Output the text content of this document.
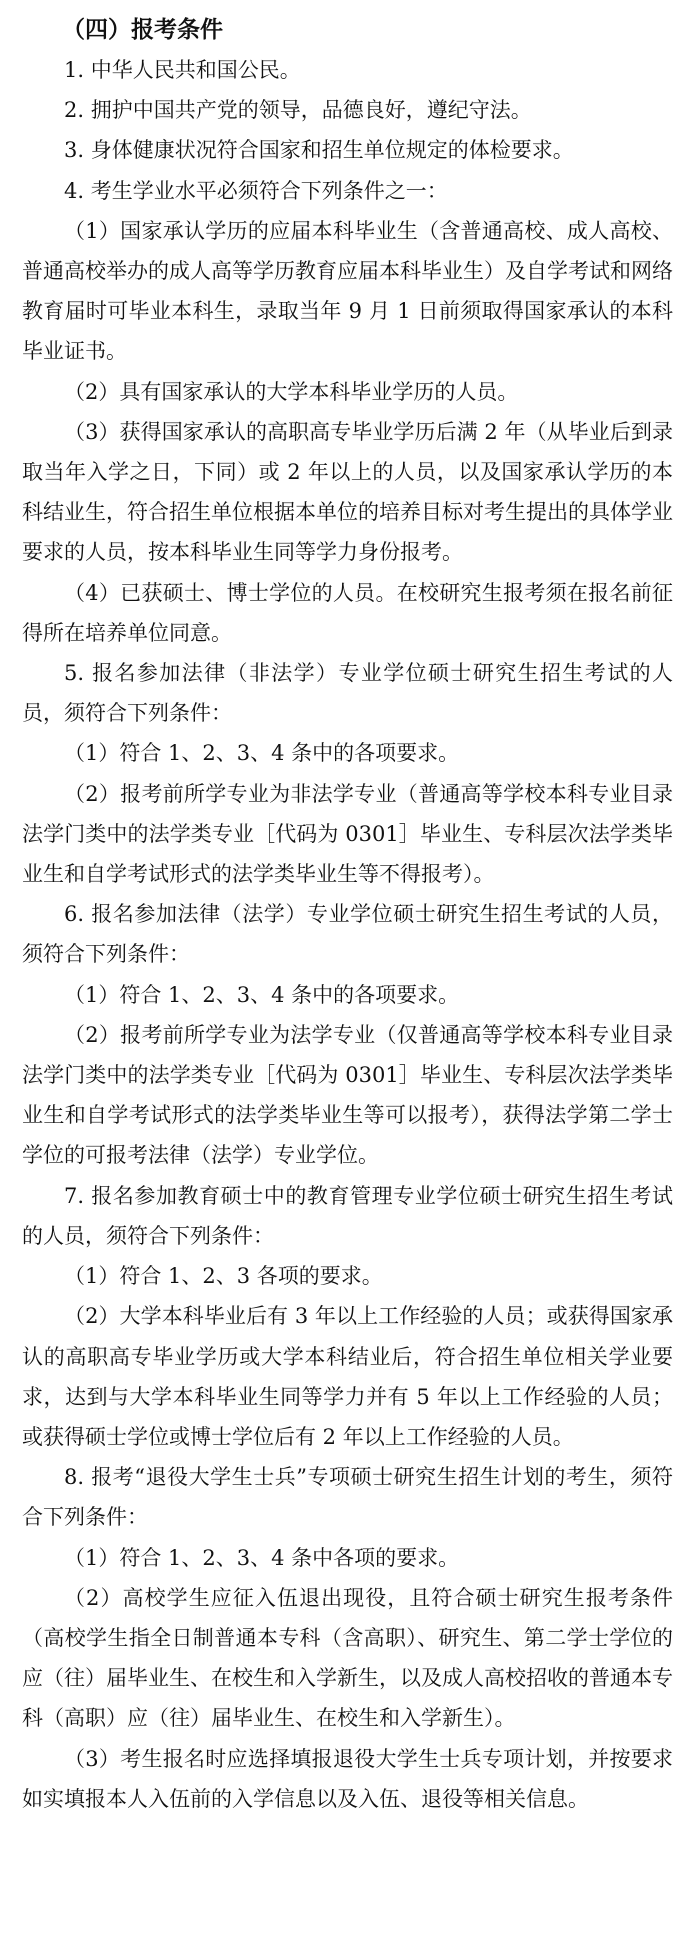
（四）报考条件

1. 中华人民共和国公民。

2. 拥护中国共产党的领导，品德良好，遵纪守法。

3. 身体健康状况符合国家和招生单位规定的体检要求。

4. 考生学业水平必须符合下列条件之一：

（1）国家承认学历的应届本科毕业生（含普通高校、成人高校、普通高校举办的成人高等学历教育应届本科毕业生）及自学考试和网络教育届时可毕业本科生，录取当年 9 月 1 日前须取得国家承认的本科毕业证书。

（2）具有国家承认的大学本科毕业学历的人员。

（3）获得国家承认的高职高专毕业学历后满 2 年（从毕业后到录取当年入学之日，下同）或 2 年以上的人员，以及国家承认学历的本科结业生，符合招生单位根据本单位的培养目标对考生提出的具体学业要求的人员，按本科毕业生同等学力身份报考。

（4）已获硕士、博士学位的人员。在校研究生报考须在报名前征得所在培养单位同意。

5. 报名参加法律（非法学）专业学位硕士研究生招生考试的人员，须符合下列条件：

（1）符合 1、2、3、4 条中的各项要求。

（2）报考前所学专业为非法学专业（普通高等学校本科专业目录法学门类中的法学类专业［代码为 0301］毕业生、专科层次法学类毕业生和自学考试形式的法学类毕业生等不得报考）。

6. 报名参加法律（法学）专业学位硕士研究生招生考试的人员，须符合下列条件：

（1）符合 1、2、3、4 条中的各项要求。

（2）报考前所学专业为法学专业（仅普通高等学校本科专业目录法学门类中的法学类专业［代码为 0301］毕业生、专科层次法学类毕业生和自学考试形式的法学类毕业生等可以报考），获得法学第二学士学位的可报考法律（法学）专业学位。

7. 报名参加教育硕士中的教育管理专业学位硕士研究生招生考试的人员，须符合下列条件：

（1）符合 1、2、3 各项的要求。

（2）大学本科毕业后有 3 年以上工作经验的人员；或获得国家承认的高职高专毕业学历或大学本科结业后，符合招生单位相关学业要求，达到与大学本科毕业生同等学力并有 5 年以上工作经验的人员；或获得硕士学位或博士学位后有 2 年以上工作经验的人员。

8. 报考“退役大学生士兵”专项硕士研究生招生计划的考生，须符合下列条件：

（1）符合 1、2、3、4 条中各项的要求。

（2）高校学生应征入伍退出现役，且符合硕士研究生报考条件（高校学生指全日制普通本专科（含高职）、研究生、第二学士学位的应（往）届毕业生、在校生和入学新生，以及成人高校招收的普通本专科（高职）应（往）届毕业生、在校生和入学新生）。

（3）考生报名时应选择填报退役大学生士兵专项计划，并按要求如实填报本人入伍前的入学信息以及入伍、退役等相关信息。
